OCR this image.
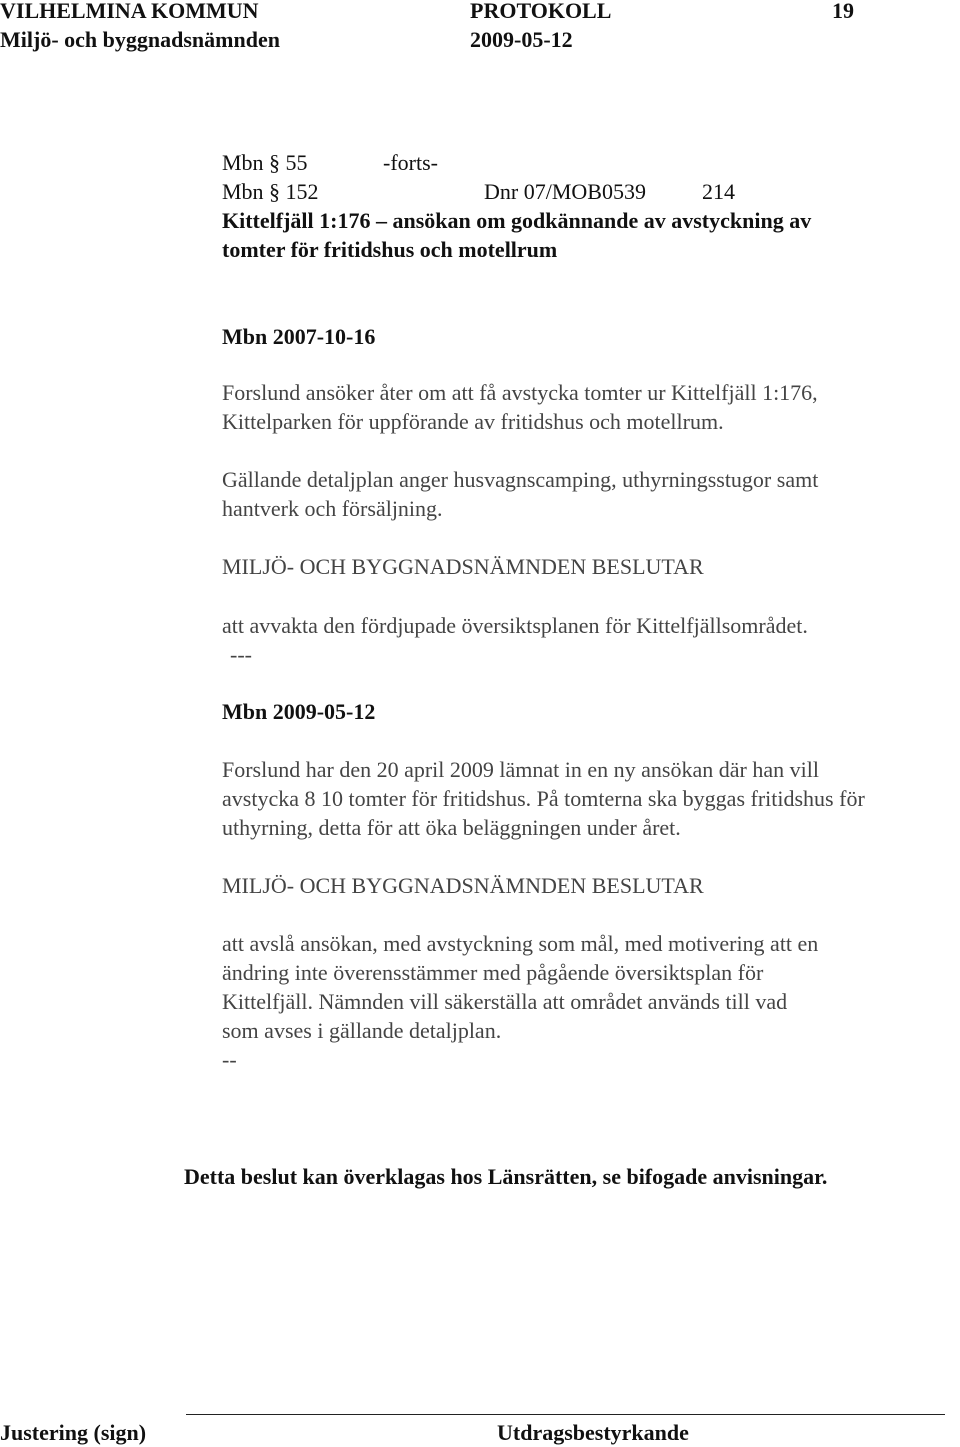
VILHELMINA KOMMUN	PROTOKOLL	19
Miljö- och byggnadsnämnden	2009-05-12
Mbn § 55	-forts-
Mbn § 152	Dnr 07/MOB0539	214
Kittelfjäll 1:176 – ansökan om godkännande av avstyckning av
tomter för fritidshus och motellrum
Mbn 2007-10-16
Forslund ansöker åter om att få avstycka tomter ur Kittelfjäll 1:176,
Kittelparken för uppförande av fritidshus och motellrum.
Gällande detaljplan anger husvagnscamping, uthyrningsstugor samt
hantverk och försäljning.
MILJÖ- OCH BYGGNADSNÄMNDEN BESLUTAR
att avvakta den fördjupade översiktsplanen för Kittelfjällsområdet.
---
Mbn 2009-05-12
Forslund har den 20 april 2009 lämnat in en ny ansökan där han vill
avstycka 8 10 tomter för fritidshus. På tomterna ska byggas fritidshus för
uthyrning, detta för att öka beläggningen under året.
MILJÖ- OCH BYGGNADSNÄMNDEN BESLUTAR
att avslå ansökan, med avstyckning som mål, med motivering att en
ändring inte överensstämmer med pågående översiktsplan för
Kittelfjäll. Nämnden vill säkerställa att området används till vad
som avses i gällande detaljplan.
--
Detta beslut kan överklagas hos Länsrätten, se bifogade anvisningar.
Justering (sign)	Utdragsbestyrkande
